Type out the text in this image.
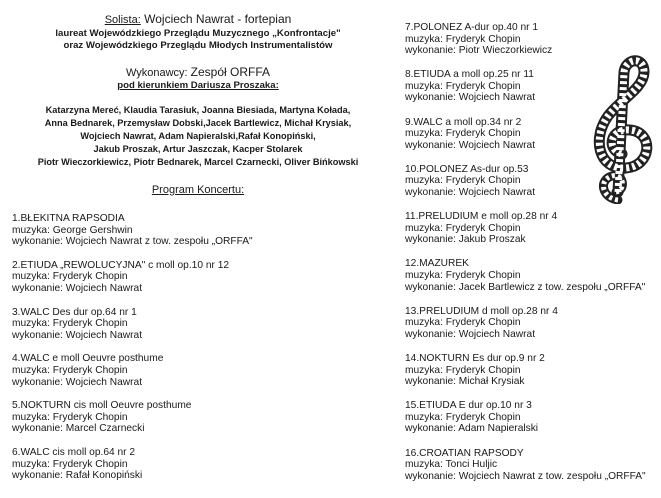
Solista: Wojciech Nawrat - fortepian
laureat Wojewódzkiego Przeglądu Muzycznego „Konfrontacje"
oraz Wojewódzkiego Przeglądu Młodych Instrumentalistów
Wykonawcy: Zespół ORFFA
pod kierunkiem Dariusza Proszaka:
Katarzyna Mereć, Klaudia Tarasiuk, Joanna Biesiada, Martyna Kołada,
Anna Bednarek, Przemysław Dobski,Jacek Bartlewicz, Michał Krysiak,
Wojciech Nawrat, Adam Napieralski,Rafał Konopiński,
Jakub Proszak, Artur Jaszczak, Kacper Stolarek
Piotr Wieczorkiewicz, Piotr Bednarek, Marcel Czarnecki, Oliver Bińkowski
Program Koncertu:
1.BŁEKITNA RAPSODIA
muzyka: George Gershwin
wykonanie: Wojciech Nawrat z tow. zespołu „ORFFA"
2.ETIUDA „REWOLUCYJNA" c moll op.10 nr 12
muzyka: Fryderyk Chopin
wykonanie: Wojciech Nawrat
3.WALC Des dur op.64 nr 1
muzyka: Fryderyk Chopin
wykonanie: Wojciech Nawrat
4.WALC e moll Oeuvre posthume
muzyka: Fryderyk Chopin
wykonanie: Wojciech Nawrat
5.NOKTURN cis moll Oeuvre posthume
muzyka: Fryderyk Chopin
wykonanie: Marcel Czarnecki
6.WALC cis moll op.64 nr 2
muzyka: Fryderyk Chopin
wykonanie: Rafał Konopiński
7.POLONEZ A-dur op.40 nr 1
muzyka: Fryderyk Chopin
wykonanie: Piotr Wieczorkiewicz
8.ETIUDA a moll op.25 nr 11
muzyka: Fryderyk Chopin
wykonanie: Wojciech Nawrat
9.WALC a moll op.34 nr 2
muzyka: Fryderyk Chopin
wykonanie: Wojciech Nawrat
10.POLONEZ As-dur op.53
muzyka: Fryderyk Chopin
wykonanie: Wojciech Nawrat
11.PRELUDIUM e moll op.28 nr 4
muzyka: Fryderyk Chopin
wykonanie: Jakub Proszak
12.MAZUREK
muzyka: Fryderyk Chopin
wykonanie: Jacek Bartlewicz z tow. zespołu „ORFFA"
13.PRELUDIUM d moll op.28 nr 4
muzyka: Fryderyk Chopin
wykonanie: Wojciech Nawrat
14.NOKTURN Es dur op.9 nr 2
muzyka: Fryderyk Chopin
wykonanie: Michał Krysiak
15.ETIUDA E dur op.10 nr 3
muzyka: Fryderyk Chopin
wykonanie: Adam Napieralski
16.CROATIAN RAPSODY
muzyka: Tonci Huljic
wykonanie: Wojciech Nawrat z tow. zespołu „ORFFA"
